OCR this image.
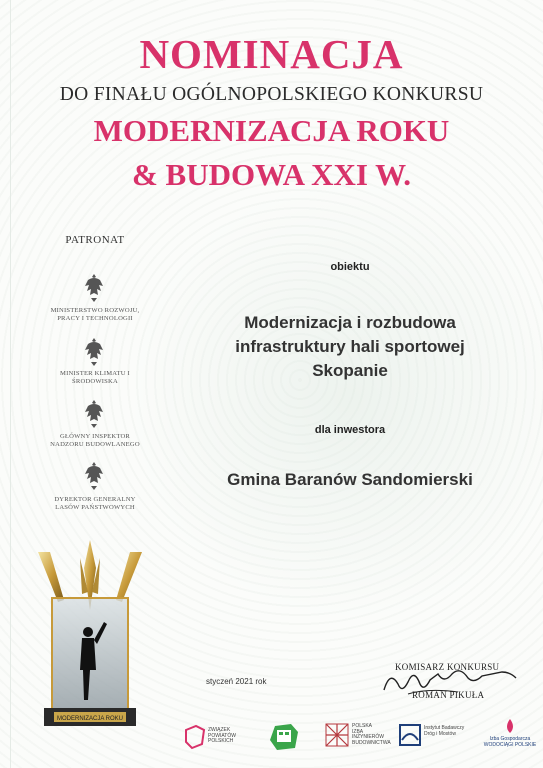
NOMINACJA
DO FINAŁU OGÓLNOPOLSKIEGO KONKURSU
MODERNIZACJA ROKU
& BUDOWA XXI W.
PATRONAT
MINISTERSTWO ROZWOJU, PRACY I TECHNOLOGII
MINISTER KLIMATU I ŚRODOWISKA
GŁÓWNY INSPEKTOR NADZORU BUDOWLANEGO
DYREKTOR GENERALNY LASÓW PAŃSTWOWYCH
obiektu
Modernizacja i rozbudowa
infrastruktury hali sportowej
Skopanie
dla inwestora
Gmina Baranów Sandomierski
MODERNIZACJA ROKU
styczeń 2021 rok
KOMISARZ KONKURSU
ROMAN PIKUŁA
ZWIĄZEK POWIATÓW POLSKICH
POLSKA IZBA INŻYNIERÓW BUDOWNICTWA
Instytut Badawczy Dróg i Mostów
Izba Gospodarcza WODOCIĄGI POLSKIE
